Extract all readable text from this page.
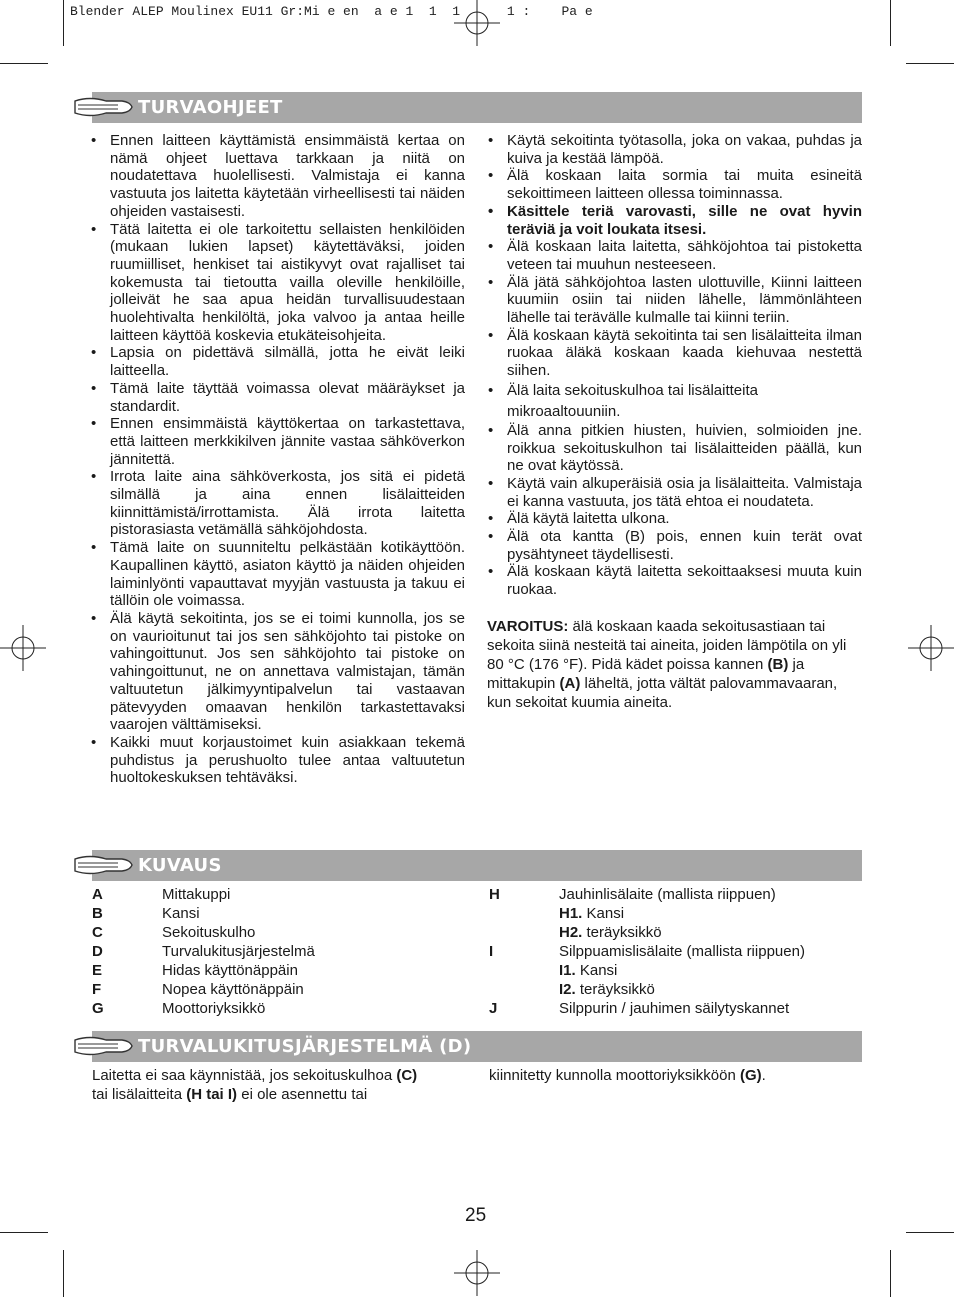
Blender ALEP Moulinex EU11 Gr:Mi e en  a e 1  1  1      1 :    Pa e
TURVAOHJEET
• Ennen laitteen käyttämistä ensimmäistä kertaa on nämä ohjeet luettava tarkkaan ja niitä on noudatettava huolellisesti. Valmistaja ei kanna vastuuta jos laitetta käytetään virheellisesti tai näiden ohjeiden vastaisesti.
• Tätä laitetta ei ole tarkoitettu sellaisten henkilöiden (mukaan lukien lapset) käytettäväksi, joiden ruumiilliset, henkiset tai aistikyvyt ovat rajalliset tai kokemusta tai tietoutta vailla oleville henkilöille, jolleivät he saa apua heidän turvallisuudestaan huolehtivalta henkilöltä, joka valvoo ja antaa heille laitteen käyttöä koskevia etukäteisohjeita.
• Lapsia on pidettävä silmällä, jotta he eivät leiki laitteella.
• Tämä laite täyttää voimassa olevat määräykset ja standardit.
• Ennen ensimmäistä käyttökertaa on tarkastettava, että laitteen merkkikilven jännite vastaa sähköverkon jännitettä.
• Irrota laite aina sähköverkosta, jos sitä ei pidetä silmällä ja aina ennen lisälaitteiden kiinnittämistä/irrottamista. Älä irrota laitetta pistorasiasta vetämällä sähköjohdosta.
• Tämä laite on suunniteltu pelkästään kotikäyttöön. Kaupallinen käyttö, asiaton käyttö ja näiden ohjeiden laiminlyönti vapauttavat myyjän vastuusta ja takuu ei tällöin ole voimassa.
• Älä käytä sekoitinta, jos se ei toimi kunnolla, jos se on vaurioitunut tai jos sen sähköjohto tai pistoke on vahingoittunut. Jos sen sähköjohto tai pistoke on vahingoittunut, ne on annettava valmistajan, tämän valtuutetun jälkimyyntipalvelun tai vastaavan pätevyyden omaavan henkilön tarkastettavaksi vaarojen välttämiseksi.
• Kaikki muut korjaustoimet kuin asiakkaan tekemä puhdistus ja perushuolto tulee antaa valtuutetun huoltokeskuksen tehtäväksi.
• Käytä sekoitinta työtasolla, joka on vakaa, puhdas ja kuiva ja kestää lämpöä.
• Älä koskaan laita sormia tai muita esineitä sekoittimeen laitteen ollessa toiminnassa.
• Käsittele teriä varovasti, sille ne ovat hyvin teräviä ja voit loukata itsesi.
• Älä koskaan laita laitetta, sähköjohtoa tai pistoketta veteen tai muuhun nesteeseen.
• Älä jätä sähköjohtoa lasten ulottuville, Kiinni laitteen kuumiin osiin tai niiden lähelle, lämmönlähteen lähelle tai terävälle kulmalle tai kiinni teriin.
• Älä koskaan käytä sekoitinta tai sen lisälaitteita ilman ruokaa äläkä koskaan kaada kiehuvaa nestettä siihen.
• Älä laita sekoituskulhoa tai lisälaitteita mikroaaltouuniin.
• Älä anna pitkien hiusten, huivien, solmioiden jne. roikkua sekoituskulhon tai lisälaitteiden päällä, kun ne ovat käytössä.
• Käytä vain alkuperäisiä osia ja lisälaitteita. Valmistaja ei kanna vastuuta, jos tätä ehtoa ei noudateta.
• Älä käytä laitetta ulkona.
• Älä ota kantta (B) pois, ennen kuin terät ovat pysähtyneet täydellisesti.
• Älä koskaan käytä laitetta sekoittaaksesi muuta kuin ruokaa.

VAROITUS: älä koskaan kaada sekoitusastiaan tai sekoita siinä nesteitä tai aineita, joiden lämpötila on yli 80 °C (176 °F). Pidä kädet poissa kannen (B) ja mittakupin (A) läheltä, jotta vältät palovammavaaran, kun sekoitat kuumia aineita.

KUVAUS
A	Mittakuppi
B	Kansi
C	Sekoituskulho
D	Turvalukitusjärjestelmä
E	Hidas käyttönäppäin
F	Nopea käyttönäppäin
G	Moottoriyksikkö
H	Jauhinlisälaite (mallista riippuen)
H1. Kansi
H2. teräyksikkö
I	Silppuamislisälaite (mallista riippuen)
I1. Kansi
I2. teräyksikkö
J	Silppurin / jauhimen säilytyskannet
TURVALUKITUSJÄRJESTELMÄ (D)
Laitetta ei saa käynnistää, jos sekoituskulhoa (C)
tai lisälaitteita (H tai I) ei ole asennettu tai
kiinnitetty kunnolla moottoriyksikköön (G).
25
